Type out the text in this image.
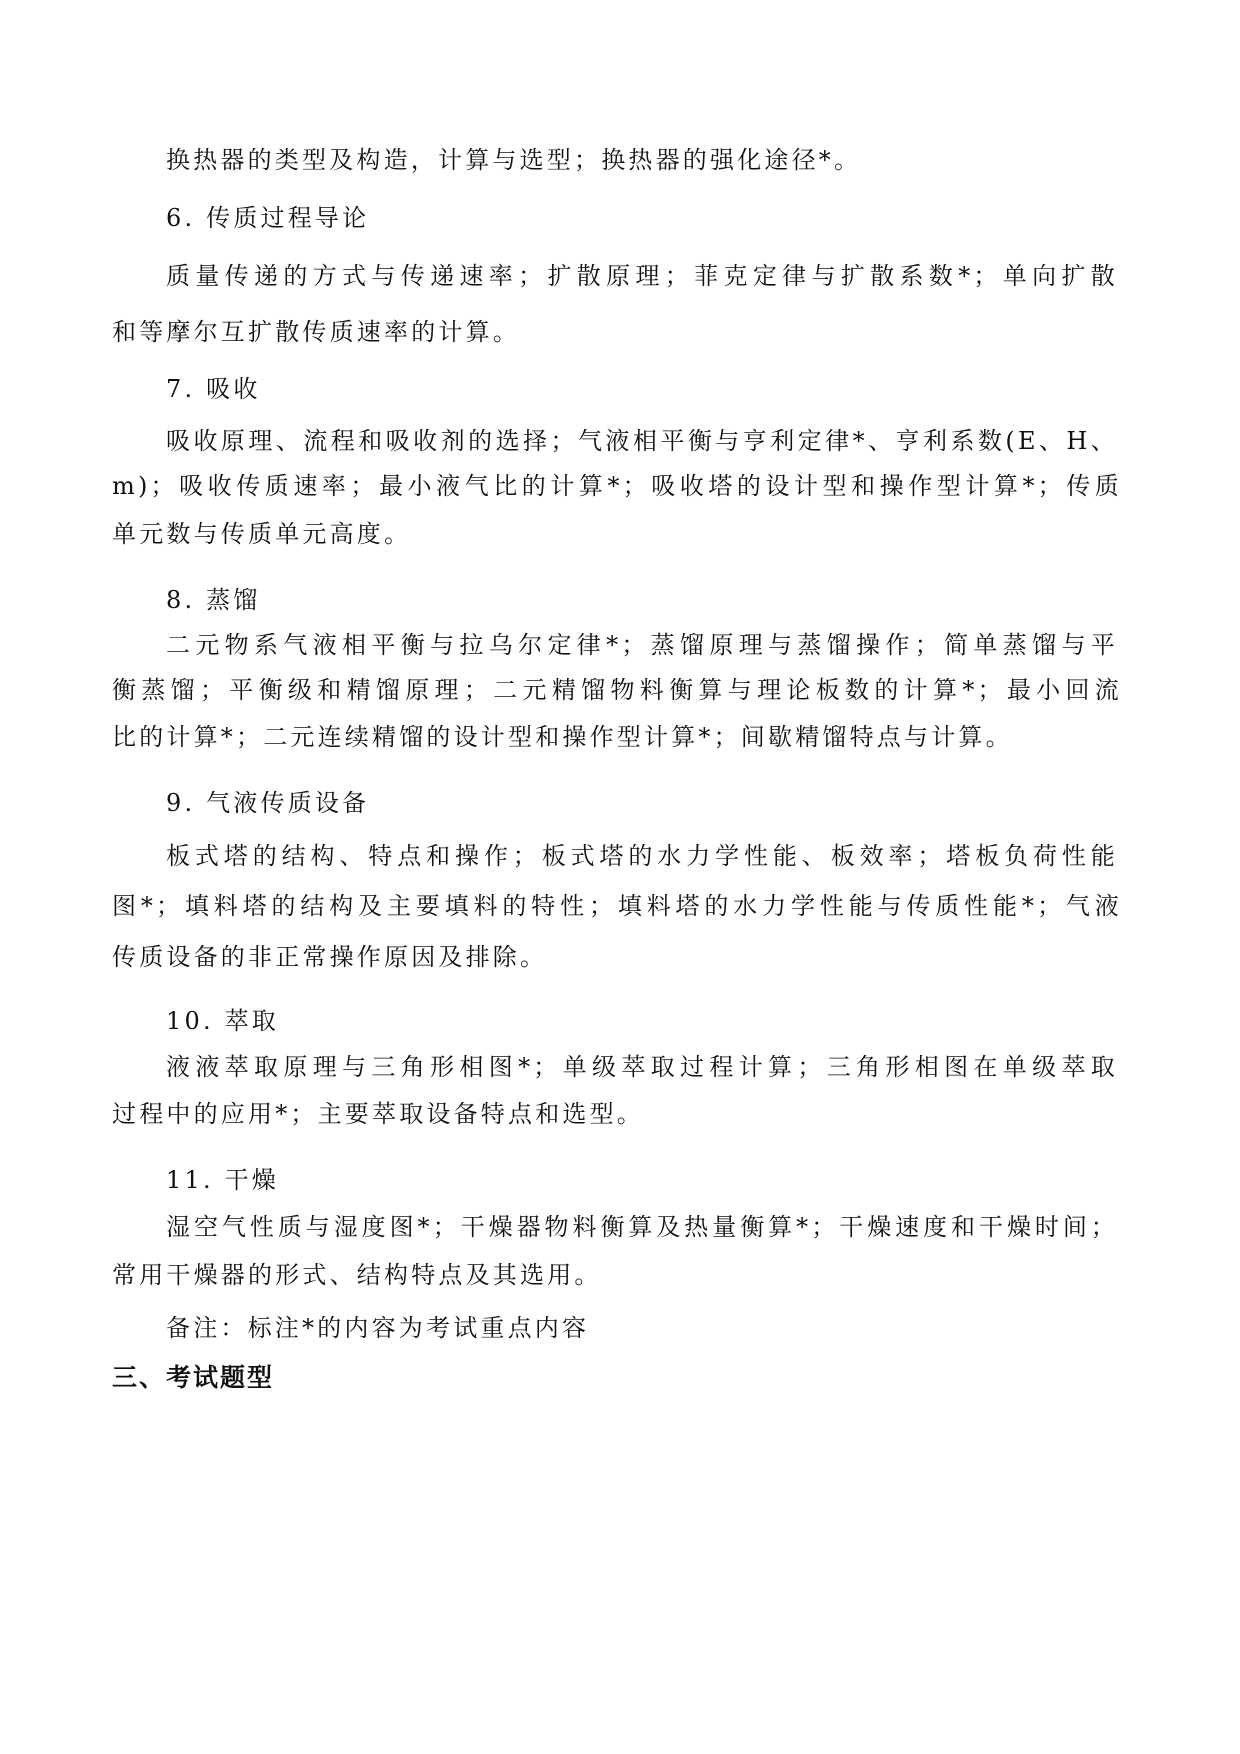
换热器的类型及构造，计算与选型；换热器的强化途径*。
6. 传质过程导论
质量传递的方式与传递速率；扩散原理；菲克定律与扩散系数*；单向扩散
和等摩尔互扩散传质速率的计算。
7. 吸收
吸收原理、流程和吸收剂的选择；气液相平衡与亨利定律*、亨利系数(E、H、
m)；吸收传质速率；最小液气比的计算*；吸收塔的设计型和操作型计算*；传质
单元数与传质单元高度。
8. 蒸馏
二元物系气液相平衡与拉乌尔定律*；蒸馏原理与蒸馏操作；简单蒸馏与平
衡蒸馏；平衡级和精馏原理；二元精馏物料衡算与理论板数的计算*；最小回流
比的计算*；二元连续精馏的设计型和操作型计算*；间歇精馏特点与计算。
9. 气液传质设备
板式塔的结构、特点和操作；板式塔的水力学性能、板效率；塔板负荷性能
图*；填料塔的结构及主要填料的特性；填料塔的水力学性能与传质性能*；气液
传质设备的非正常操作原因及排除。
10. 萃取
液液萃取原理与三角形相图*；单级萃取过程计算；三角形相图在单级萃取
过程中的应用*；主要萃取设备特点和选型。
11. 干燥
湿空气性质与湿度图*；干燥器物料衡算及热量衡算*；干燥速度和干燥时间；
常用干燥器的形式、结构特点及其选用。
备注：标注*的内容为考试重点内容
三、考试题型
